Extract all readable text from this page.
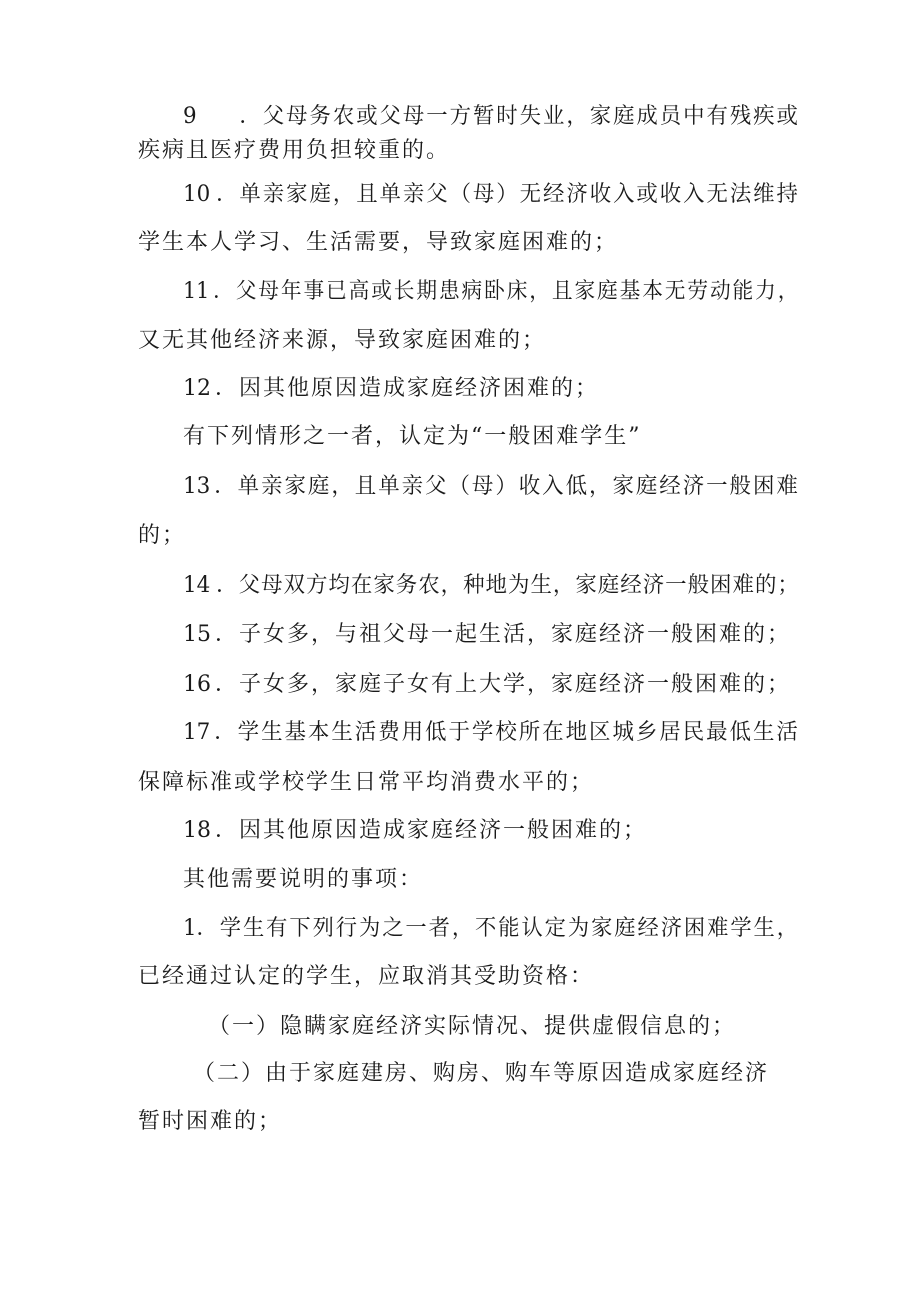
9 ．父母务农或父母一方暂时失业，家庭成员中有残疾或
疾病且医疗费用负担较重的。
10 ．单亲家庭，且单亲父（母）无经济收入或收入无法维持
学生本人学习、生活需要，导致家庭困难的；
11 ．父母年事已高或长期患病卧床，且家庭基本无劳动能力，
又无其他经济来源，导致家庭困难的；
12 ．因其他原因造成家庭经济困难的；
有下列情形之一者，认定为“一般困难学生”
13 ．单亲家庭，且单亲父（母）收入低，家庭经济一般困难
的；
14 ．父母双方均在家务农，种地为生，家庭经济一般困难的；
15 ．子女多，与祖父母一起生活，家庭经济一般困难的；
16 ．子女多，家庭子女有上大学，家庭经济一般困难的；
17 ．学生基本生活费用低于学校所在地区城乡居民最低生活
保障标准或学校学生日常平均消费水平的；
18 ．因其他原因造成家庭经济一般困难的；
其他需要说明的事项：
1．学生有下列行为之一者，不能认定为家庭经济困难学生，
已经通过认定的学生，应取消其受助资格：
（一）隐瞒家庭经济实际情况、提供虚假信息的；
（二）由于家庭建房、购房、购车等原因造成家庭经济
暂时困难的；
